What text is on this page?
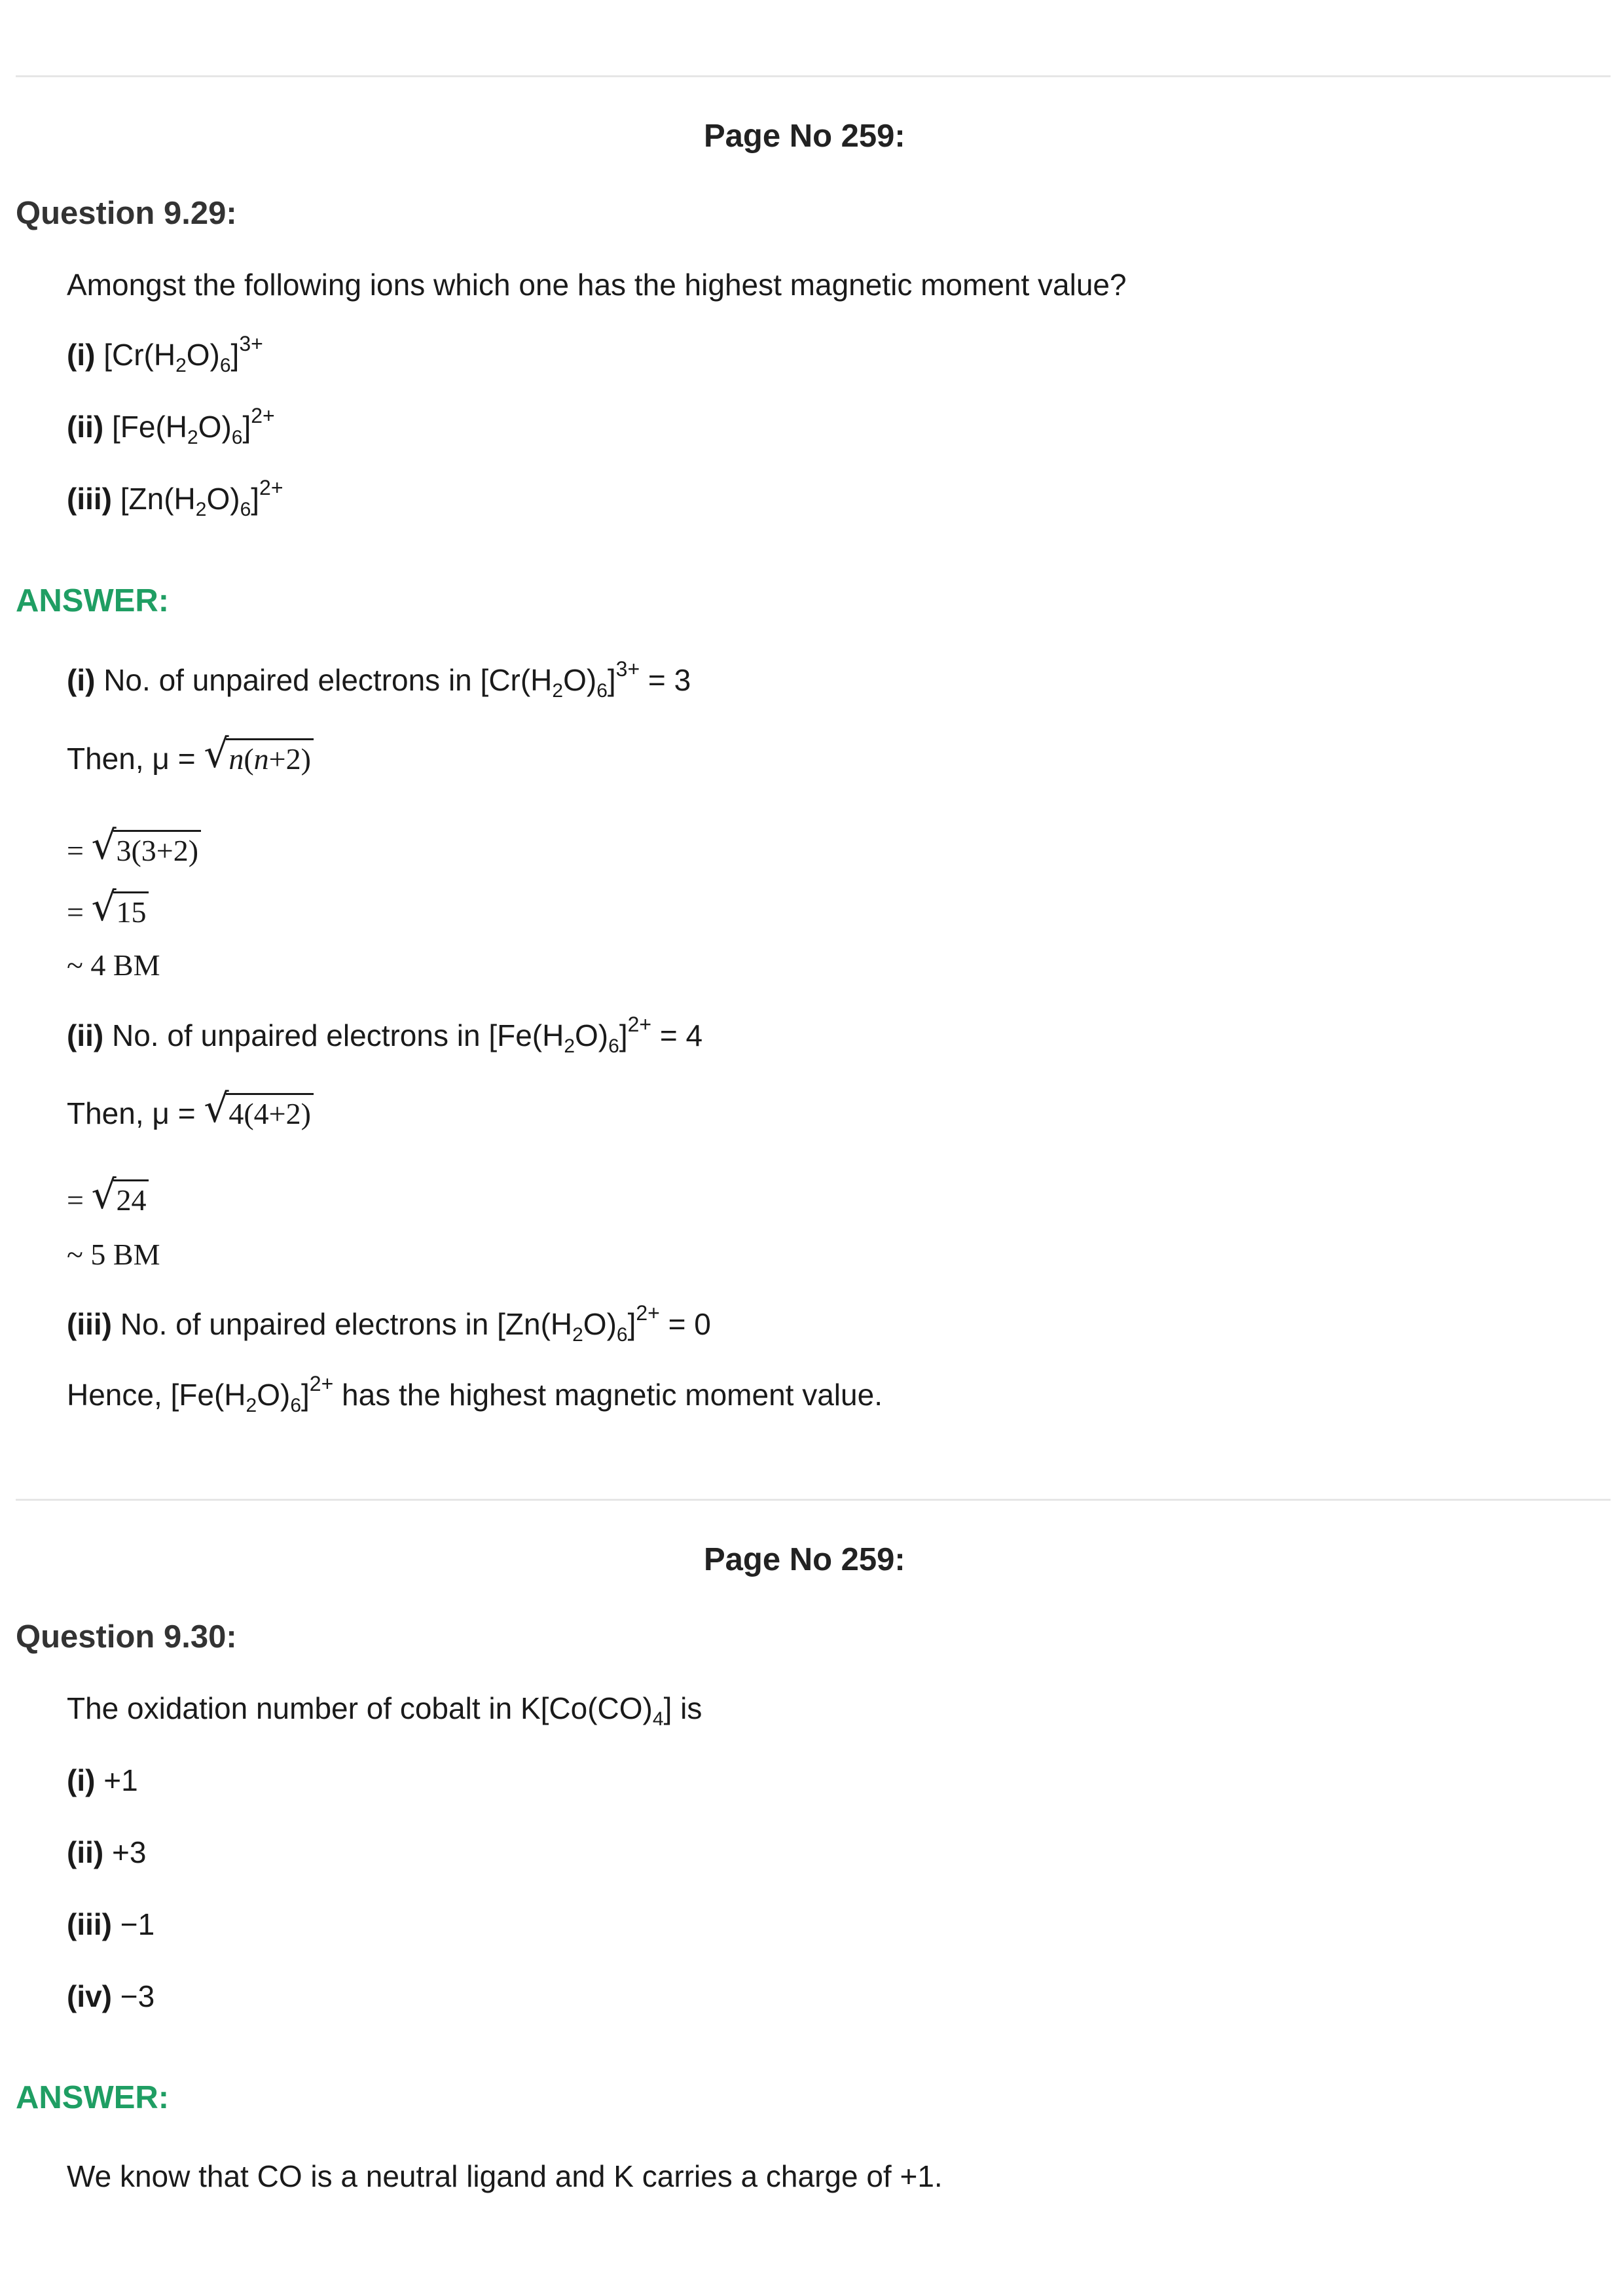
Page No 259:
Question 9.29:
Amongst the following ions which one has the highest magnetic moment value?
(i) $[Cr(H_2O)_6]^{3+}$
(ii) $[Fe(H_2O)_6]^{2+}$
(iii) $[Zn(H_2O)_6]^{2+}$
ANSWER:
(i) No. of unpaired electrons in $[Cr(H_2O)_6]^{3+} = 3$
Then, μ = √ n(n+2)
= √ 3(3+2)
= √ 15
~ 4 BM
(ii) No. of unpaired electrons in $[Fe(H_2O)_6]^{2+} = 4$
Then, μ = √ 4(4+2)
= √ 24
~ 5 BM
(iii) No. of unpaired electrons in $[Zn(H_2O)_6]^{2+} = 0$
Hence, $[Fe(H_2O)_6]^{2+}$ has the highest magnetic moment value.
Page No 259:
Question 9.30:
The oxidation number of cobalt in $K[Co(CO)_4]$ is
(i) +1
(ii) +3
(iii) −1
(iv) −3
ANSWER:
We know that CO is a neutral ligand and K carries a charge of +1.
